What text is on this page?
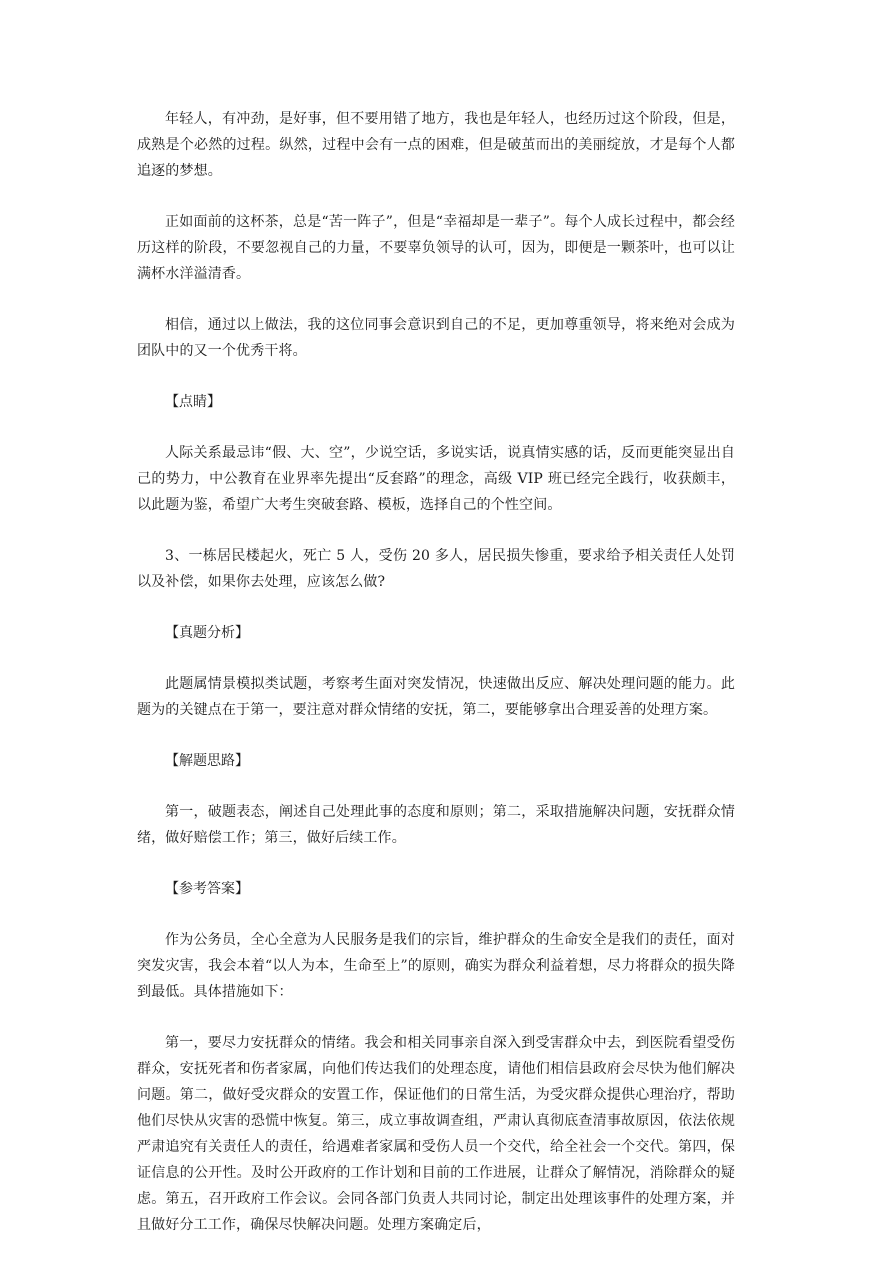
年轻人，有冲劲，是好事，但不要用错了地方，我也是年轻人，也经历过这个阶段，但是，成熟是个必然的过程。纵然，过程中会有一点的困难，但是破茧而出的美丽绽放，才是每个人都追逐的梦想。

正如面前的这杯茶，总是“苦一阵子”，但是“幸福却是一辈子”。每个人成长过程中，都会经历这样的阶段，不要忽视自己的力量，不要辜负领导的认可，因为，即便是一颗茶叶，也可以让满杯水洋溢清香。

相信，通过以上做法，我的这位同事会意识到自己的不足，更加尊重领导，将来绝对会成为团队中的又一个优秀干将。

【点睛】

人际关系最忌讳“假、大、空”，少说空话，多说实话，说真情实感的话，反而更能突显出自己的势力，中公教育在业界率先提出“反套路”的理念，高级 VIP 班已经完全践行，收获颇丰，以此题为鉴，希望广大考生突破套路、模板，选择自己的个性空间。

3、一栋居民楼起火，死亡 5 人，受伤 20 多人，居民损失惨重，要求给予相关责任人处罚以及补偿，如果你去处理，应该怎么做?

【真题分析】

此题属情景模拟类试题，考察考生面对突发情况，快速做出反应、解决处理问题的能力。此题为的关键点在于第一，要注意对群众情绪的安抚，第二，要能够拿出合理妥善的处理方案。

【解题思路】

第一，破题表态，阐述自己处理此事的态度和原则；第二，采取措施解决问题，安抚群众情绪，做好赔偿工作；第三，做好后续工作。

【参考答案】

作为公务员，全心全意为人民服务是我们的宗旨，维护群众的生命安全是我们的责任，面对突发灾害，我会本着“以人为本，生命至上”的原则，确实为群众利益着想，尽力将群众的损失降到最低。具体措施如下：

第一，要尽力安抚群众的情绪。我会和相关同事亲自深入到受害群众中去，到医院看望受伤群众，安抚死者和伤者家属，向他们传达我们的处理态度，请他们相信县政府会尽快为他们解决问题。第二，做好受灾群众的安置工作，保证他们的日常生活，为受灾群众提供心理治疗，帮助他们尽快从灾害的恐慌中恢复。第三，成立事故调查组，严肃认真彻底查清事故原因，依法依规严肃追究有关责任人的责任，给遇难者家属和受伤人员一个交代，给全社会一个交代。第四，保证信息的公开性。及时公开政府的工作计划和目前的工作进展，让群众了解情况，消除群众的疑虑。第五，召开政府工作会议。会同各部门负责人共同讨论，制定出处理该事件的处理方案，并且做好分工工作，确保尽快解决问题。处理方案确定后，
